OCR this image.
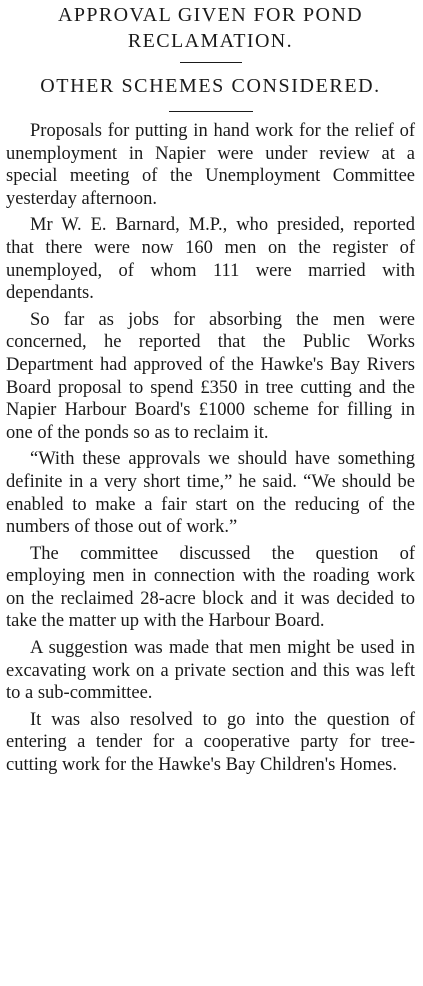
APPROVAL GIVEN FOR POND RECLAMATION.
OTHER SCHEMES CONSIDERED.

Proposals for putting in hand work for the relief of unemployment in Napier were under review at a special meeting of the Unemployment Committee yesterday afternoon.

Mr W. E. Barnard, M.P., who presided, reported that there were now 160 men on the register of unemployed, of whom 111 were married with dependants.

So far as jobs for absorbing the men were concerned, he reported that the Public Works Department had approved of the Hawke's Bay Rivers Board proposal to spend £350 in tree cutting and the Napier Harbour Board's £1000 scheme for filling in one of the ponds so as to reclaim it.

“With these approvals we should have something definite in a very short time,” he said. “We should be enabled to make a fair start on the reducing of the numbers of those out of work.”

The committee discussed the question of employing men in connection with the roading work on the reclaimed 28-acre block and it was decided to take the matter up with the Harbour Board.

A suggestion was made that men might be used in excavating work on a private section and this was left to a sub-committee.

It was also resolved to go into the question of entering a tender for a cooperative party for tree-cutting work for the Hawke's Bay Children's Homes.
